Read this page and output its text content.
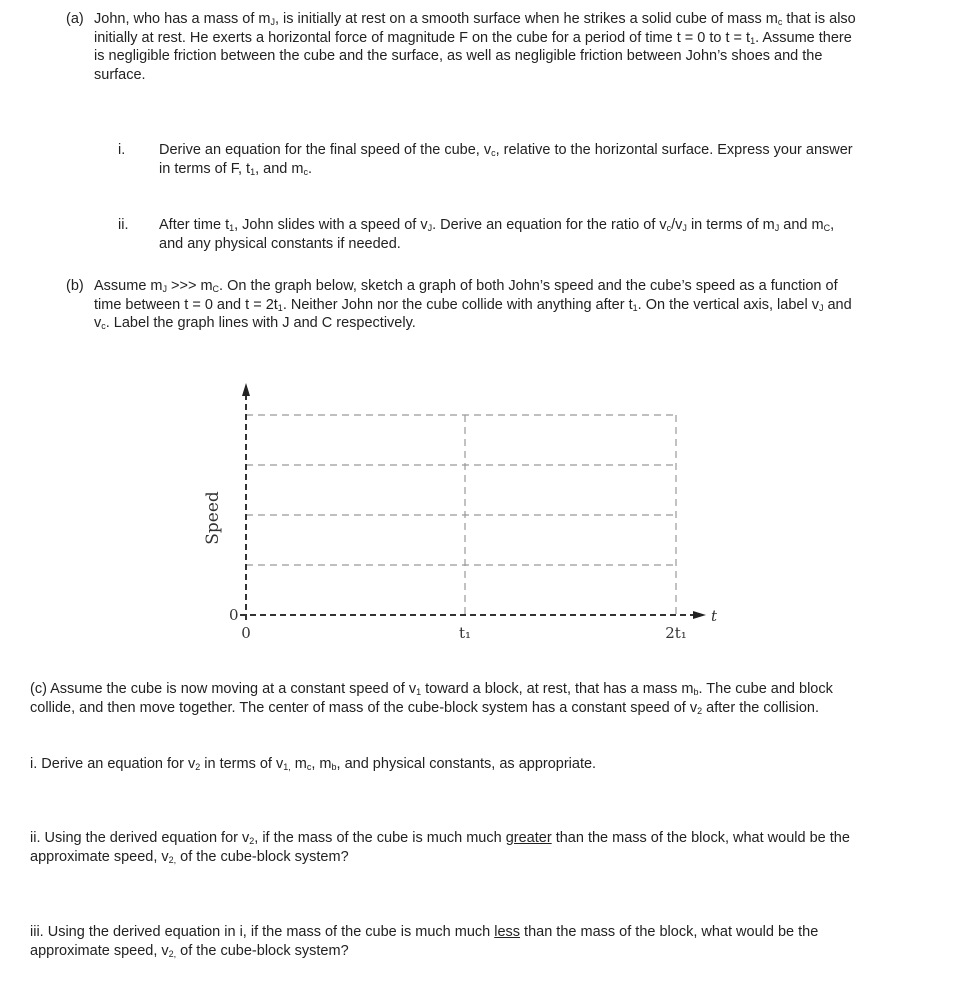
(a) John, who has a mass of $m_J$, is initially at rest on a smooth surface when he strikes a solid cube of mass $m_c$ that is also initially at rest. He exerts a horizontal force of magnitude F on the cube for a period of time t = 0 to $t = t_1$. Assume there is negligible friction between the cube and the surface, as well as negligible friction between John’s shoes and the surface.
i. Derive an equation for the final speed of the cube, $v_c$, relative to the horizontal surface. Express your answer in terms of F, $t_1$, and $m_c$.
ii. After time $t_1$, John slides with a speed of $v_J$. Derive an equation for the ratio of $v_c/v_J$ in terms of $m_J$ and $m_C$, and any physical constants if needed.
(b) Assume $m_J$ >>> $m_C$. On the graph below, sketch a graph of both John’s speed and the cube’s speed as a function of time between t = 0 and $t = 2t_1$. Neither John nor the cube collide with anything after $t_1$. On the vertical axis, label $v_J$ and $v_c$. Label the graph lines with J and C respectively.
Speed
t
0
0	t₁	2t₁
(c) Assume the cube is now moving at a constant speed of $v_1$ toward a block, at rest, that has a mass $m_b$. The cube and block collide, and then move together. The center of mass of the cube-block system has a constant speed of $v_2$ after the collision.
i. Derive an equation for $v_2$ in terms of $v_{1,}$ $m_c$, $m_b$, and physical constants, as appropriate.
ii. Using the derived equation for $v_2$, if the mass of the cube is much much greater than the mass of the block, what would be the approximate speed, $v_{2,}$ of the cube-block system?
iii. Using the derived equation in i, if the mass of the cube is much much less than the mass of the block, what would be the approximate speed, $v_{2,}$ of the cube-block system?
